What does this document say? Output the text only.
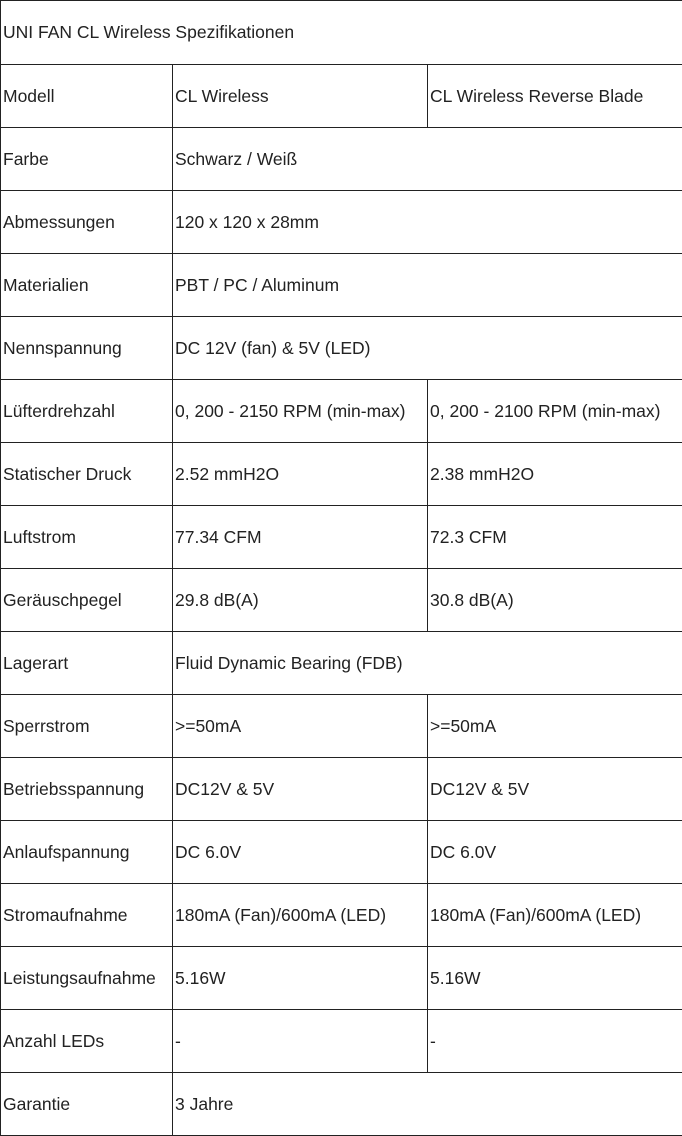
UNI FAN CL Wireless Spezifikationen		
Modell	CL Wireless	CL Wireless Reverse Blade
Farbe	Schwarz / Weiß	
Abmessungen	120 x 120 x 28mm	
Materialien	PBT / PC / Aluminum	
Nennspannung	DC 12V (fan) & 5V (LED)	
Lüfterdrehzahl	0, 200 - 2150 RPM (min-max)	0, 200 - 2100 RPM (min-max)
Statischer Druck	2.52 mmH2O	2.38 mmH2O
Luftstrom	77.34 CFM	72.3 CFM
Geräuschpegel	29.8 dB(A)	30.8 dB(A)
Lagerart	Fluid Dynamic Bearing (FDB)	
Sperrstrom	>=50mA	>=50mA
Betriebsspannung	DC12V & 5V	DC12V & 5V
Anlaufspannung	DC 6.0V	DC 6.0V
Stromaufnahme	180mA (Fan)/600mA (LED)	180mA (Fan)/600mA (LED)
Leistungsaufnahme	5.16W	5.16W
Anzahl LEDs	-	-
Garantie	3 Jahre	
